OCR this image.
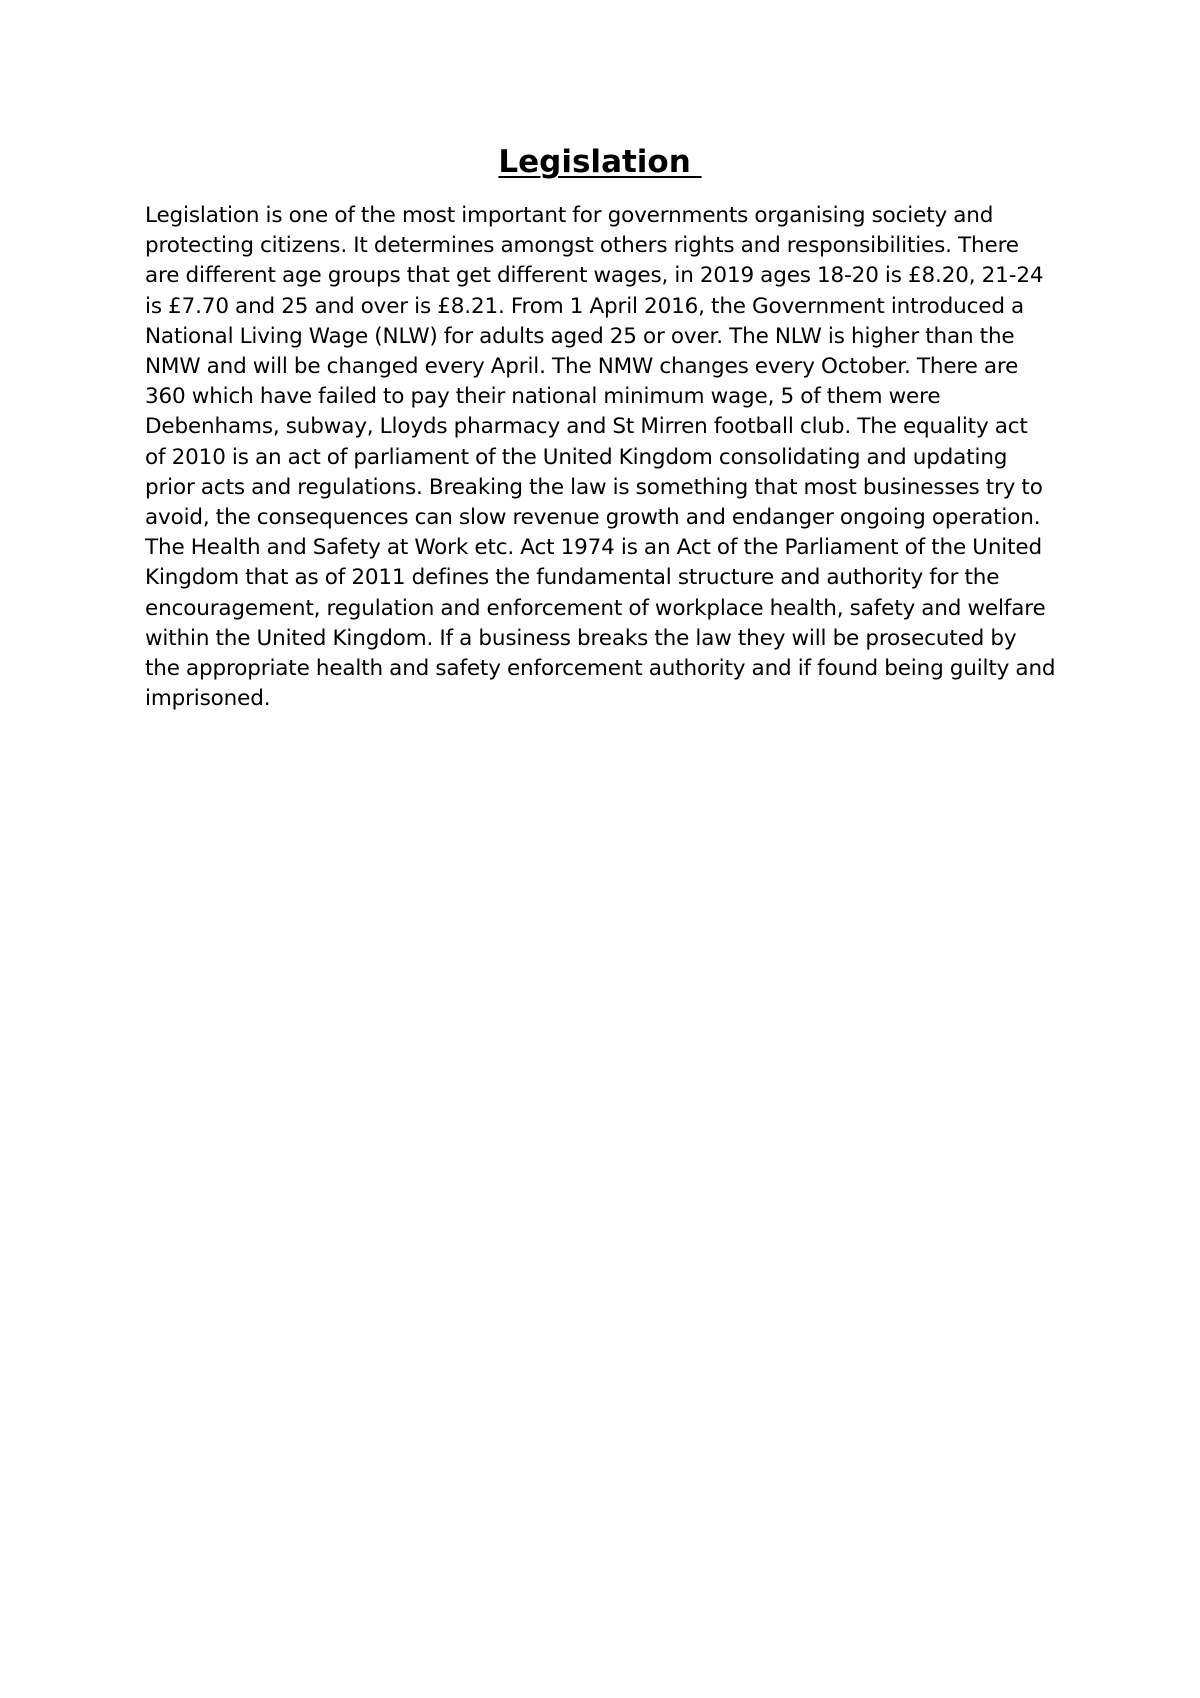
Legislation
Legislation is one of the most important for governments organising society and
protecting citizens. It determines amongst others rights and responsibilities. There
are different age groups that get different wages, in 2019 ages 18-20 is £8.20, 21-24
is £7.70 and 25 and over is £8.21. From 1 April 2016, the Government introduced a
National Living Wage (NLW) for adults aged 25 or over. The NLW is higher than the
NMW and will be changed every April. The NMW changes every October. There are
360 which have failed to pay their national minimum wage, 5 of them were
Debenhams, subway, Lloyds pharmacy and St Mirren football club. The equality act
of 2010 is an act of parliament of the United Kingdom consolidating and updating
prior acts and regulations. Breaking the law is something that most businesses try to
avoid, the consequences can slow revenue growth and endanger ongoing operation.
The Health and Safety at Work etc. Act 1974 is an Act of the Parliament of the United
Kingdom that as of 2011 defines the fundamental structure and authority for the
encouragement, regulation and enforcement of workplace health, safety and welfare
within the United Kingdom. If a business breaks the law they will be prosecuted by
the appropriate health and safety enforcement authority and if found being guilty and
imprisoned.
